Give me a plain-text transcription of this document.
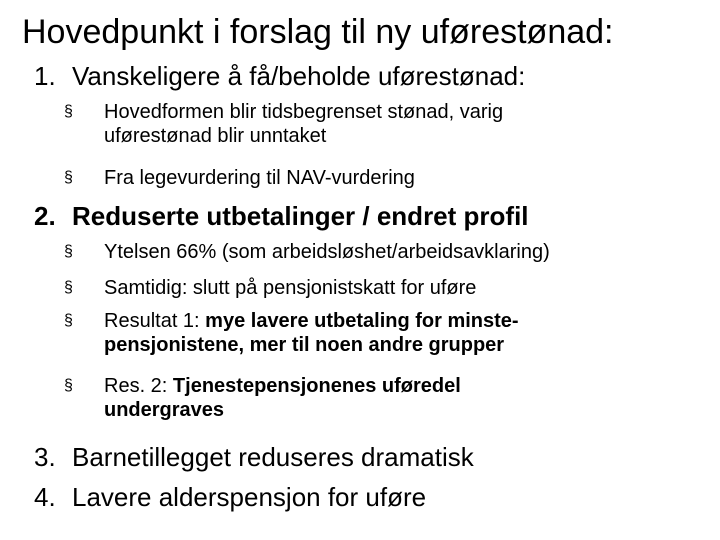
Hovedpunkt i forslag til ny uførestønad:
1. Vanskeligere å få/beholde uførestønad:
§ Hovedformen blir tidsbegrenset stønad, varig
uførestønad blir unntaket
§ Fra legevurdering til NAV-vurdering
2. Reduserte utbetalinger / endret profil
§ Ytelsen 66% (som arbeidsløshet/arbeidsavklaring)
§ Samtidig: slutt på pensjonistskatt for uføre
§ Resultat 1: mye lavere utbetaling for minste-
pensjonistene, mer til noen andre grupper
§ Res. 2: Tjenestepensjonenes uføredel
undergraves
3. Barnetillegget reduseres dramatisk
4. Lavere alderspensjon for uføre
